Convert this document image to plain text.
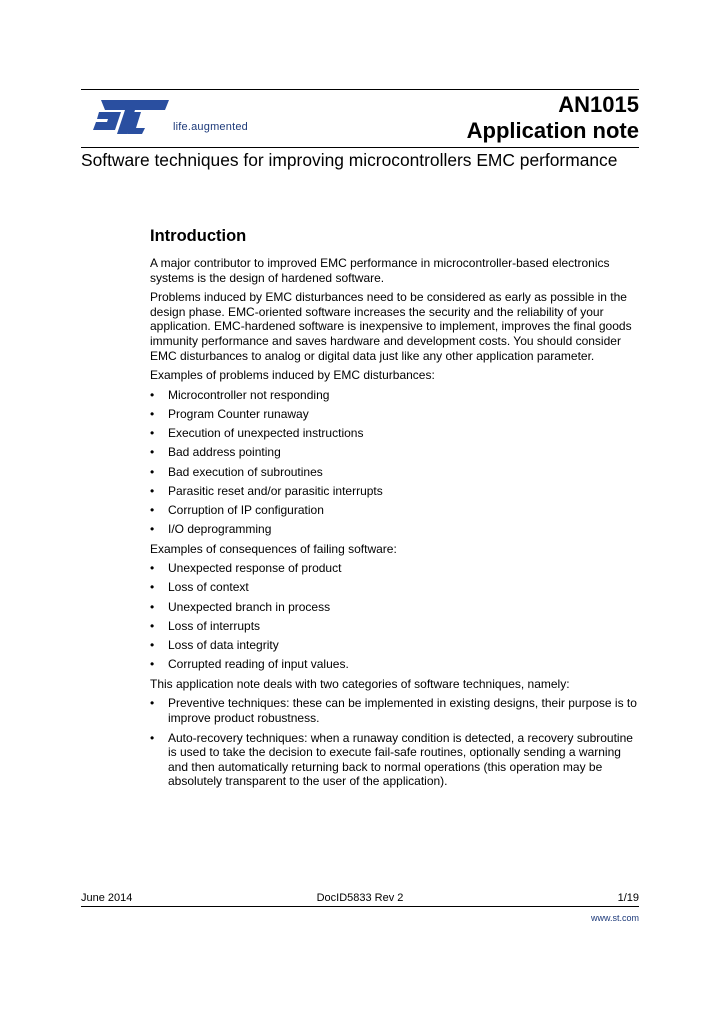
life.augmented
AN1015
Application note
Software techniques for improving microcontrollers EMC performance
Introduction

A major contributor to improved EMC performance in microcontroller-based electronics systems is the design of hardened software.

Problems induced by EMC disturbances need to be considered as early as possible in the design phase. EMC-oriented software increases the security and the reliability of your application. EMC-hardened software is inexpensive to implement, improves the final goods immunity performance and saves hardware and development costs. You should consider EMC disturbances to analog or digital data just like any other application parameter.

Examples of problems induced by EMC disturbances:

•	Microcontroller not responding
•	Program Counter runaway
•	Execution of unexpected instructions
•	Bad address pointing
•	Bad execution of subroutines
•	Parasitic reset and/or parasitic interrupts
•	Corruption of IP configuration
•	I/O deprogramming

Examples of consequences of failing software:

•	Unexpected response of product
•	Loss of context
•	Unexpected branch in process
•	Loss of interrupts
•	Loss of data integrity
•	Corrupted reading of input values.

This application note deals with two categories of software techniques, namely:

•	Preventive techniques: these can be implemented in existing designs, their purpose is to improve product robustness.
•	Auto-recovery techniques: when a runaway condition is detected, a recovery subroutine is used to take the decision to execute fail-safe routines, optionally sending a warning and then automatically returning back to normal operations (this operation may be absolutely transparent to the user of the application).
June 2014	DocID5833 Rev 2	1/19
www.st.com
